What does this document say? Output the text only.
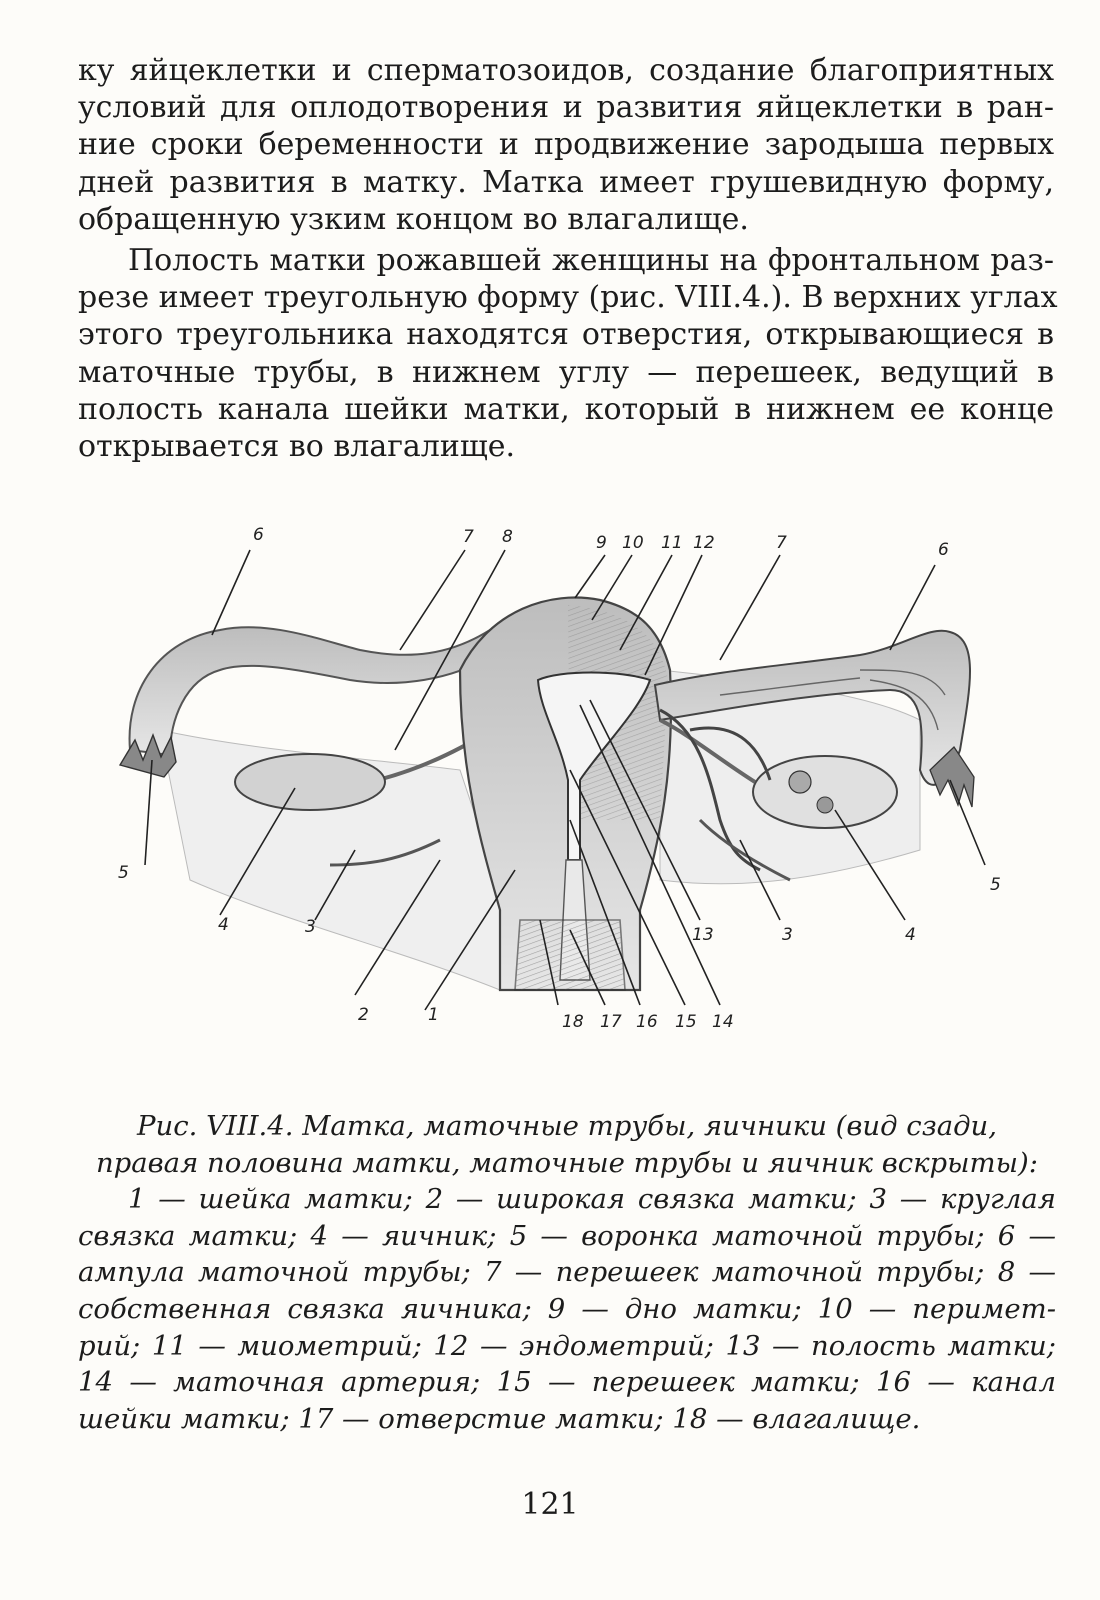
ку яйцеклетки и сперматозоидов, создание благоприятных
условий для оплодотворения и развития яйцеклетки в ран-
ние сроки беременности и продвижение зародыша первых
дней развития в матку. Матка имеет грушевидную форму,
обращенную узким концом во влагалище.
Полость матки рожавшей женщины на фронтальном раз-
резе имеет треугольную форму (рис. VIII.4.). В верхних углах
этого треугольника находятся отверстия, открывающиеся в
маточные трубы, в нижнем углу — перешеек, ведущий в
полость канала шейки матки, который в нижнем ее конце
открывается во влагалище.
6	7 8	9 10 11 12	7	6
5
4	3
2	1	18 17 16 15 14
13	3	4
5
Рис. VIII.4. Матка, маточные трубы, яичники (вид сзади,
правая половина матки, маточные трубы и яичник вскрыты):
1 — шейка матки; 2 — широкая связка матки; 3 — круглая
связка матки; 4 — яичник; 5 — воронка маточной трубы; 6 —
ампула маточной трубы; 7 — перешеек маточной трубы; 8 —
собственная связка яичника; 9 — дно матки; 10 — перимет-
рий; 11 — миометрий; 12 — эндометрий; 13 — полость матки;
14 — маточная артерия; 15 — перешеек матки; 16 — канал
шейки матки; 17 — отверстие матки; 18 — влагалище.
121
